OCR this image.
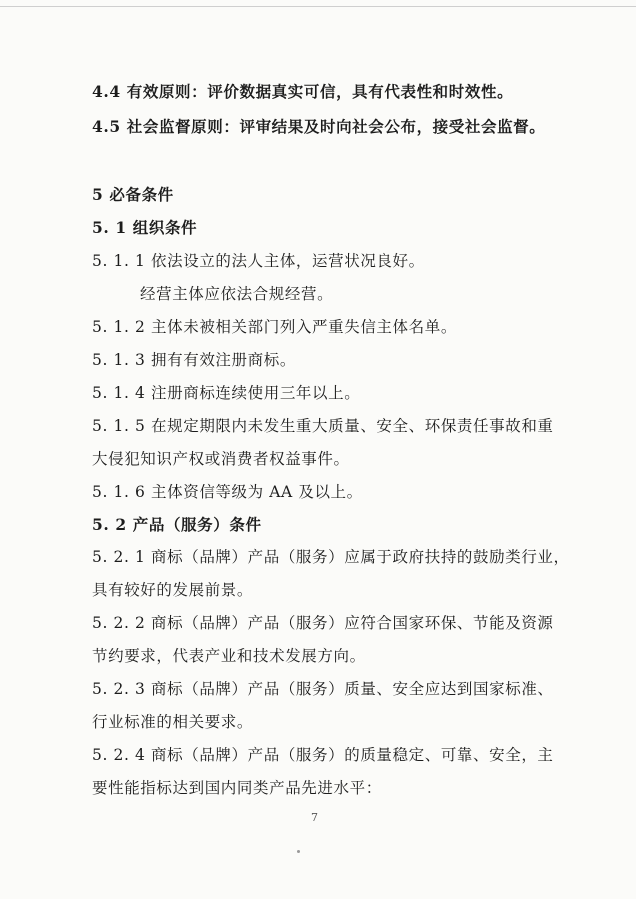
4.4 有效原则：评价数据真实可信，具有代表性和时效性。
4.5 社会监督原则：评审结果及时向社会公布，接受社会监督。
5 必备条件
5. 1 组织条件
5. 1. 1 依法设立的法人主体，运营状况良好。
经营主体应依法合规经营。
5. 1. 2 主体未被相关部门列入严重失信主体名单。
5. 1. 3 拥有有效注册商标。
5. 1. 4 注册商标连续使用三年以上。
5. 1. 5 在规定期限内未发生重大质量、安全、环保责任事故和重
大侵犯知识产权或消费者权益事件。
5. 1. 6 主体资信等级为 AA 及以上。
5. 2 产品（服务）条件
5. 2. 1 商标（品牌）产品（服务）应属于政府扶持的鼓励类行业，
具有较好的发展前景。
5. 2. 2 商标（品牌）产品（服务）应符合国家环保、节能及资源
节约要求，代表产业和技术发展方向。
5. 2. 3 商标（品牌）产品（服务）质量、安全应达到国家标准、
行业标准的相关要求。
5. 2. 4 商标（品牌）产品（服务）的质量稳定、可靠、安全，主
要性能指标达到国内同类产品先进水平：
7
